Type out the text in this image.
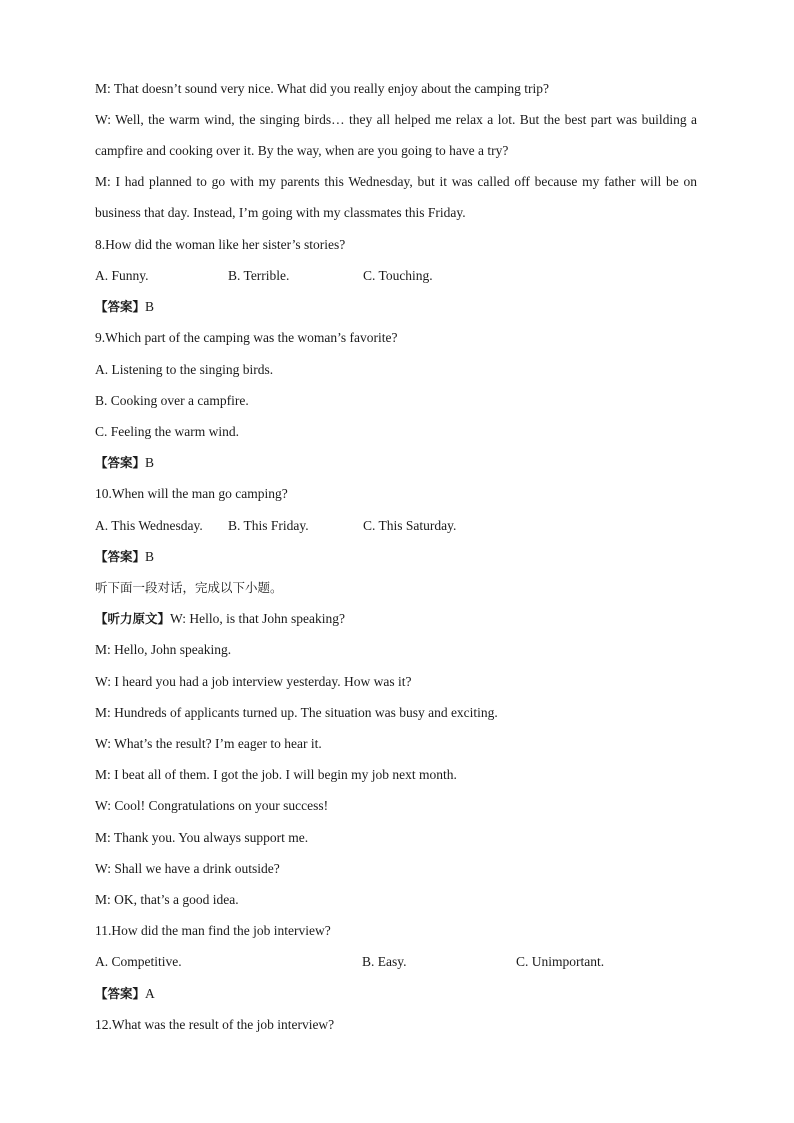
M: That doesn’t sound very nice. What did you really enjoy about the camping trip?
W: Well, the warm wind, the singing birds… they all helped me relax a lot. But the best part was building a
campfire and cooking over it. By the way, when are you going to have a try?
M: I had planned to go with my parents this Wednesday, but it was called off because my father will be on
business that day. Instead, I’m going with my classmates this Friday.
8.How did the woman like her sister’s stories?
A. Funny.	B. Terrible.	C. Touching.
【答案】B
9.Which part of the camping was the woman’s favorite?
A. Listening to the singing birds.
B. Cooking over a campfire.
C. Feeling the warm wind.
【答案】B
10.When will the man go camping?
A. This Wednesday. B. This Friday.	C. This Saturday.
【答案】B
听下面一段对话，完成以下小题。
【听力原文】W: Hello, is that John speaking?
M: Hello, John speaking.
W: I heard you had a job interview yesterday. How was it?
M: Hundreds of applicants turned up. The situation was busy and exciting.
W: What’s the result? I’m eager to hear it.
M: I beat all of them. I got the job. I will begin my job next month.
W: Cool! Congratulations on your success!
M: Thank you. You always support me.
W: Shall we have a drink outside?
M: OK, that’s a good idea.
11.How did the man find the job interview?
A. Competitive.	B. Easy.	C. Unimportant.
【答案】A
12.What was the result of the job interview?
